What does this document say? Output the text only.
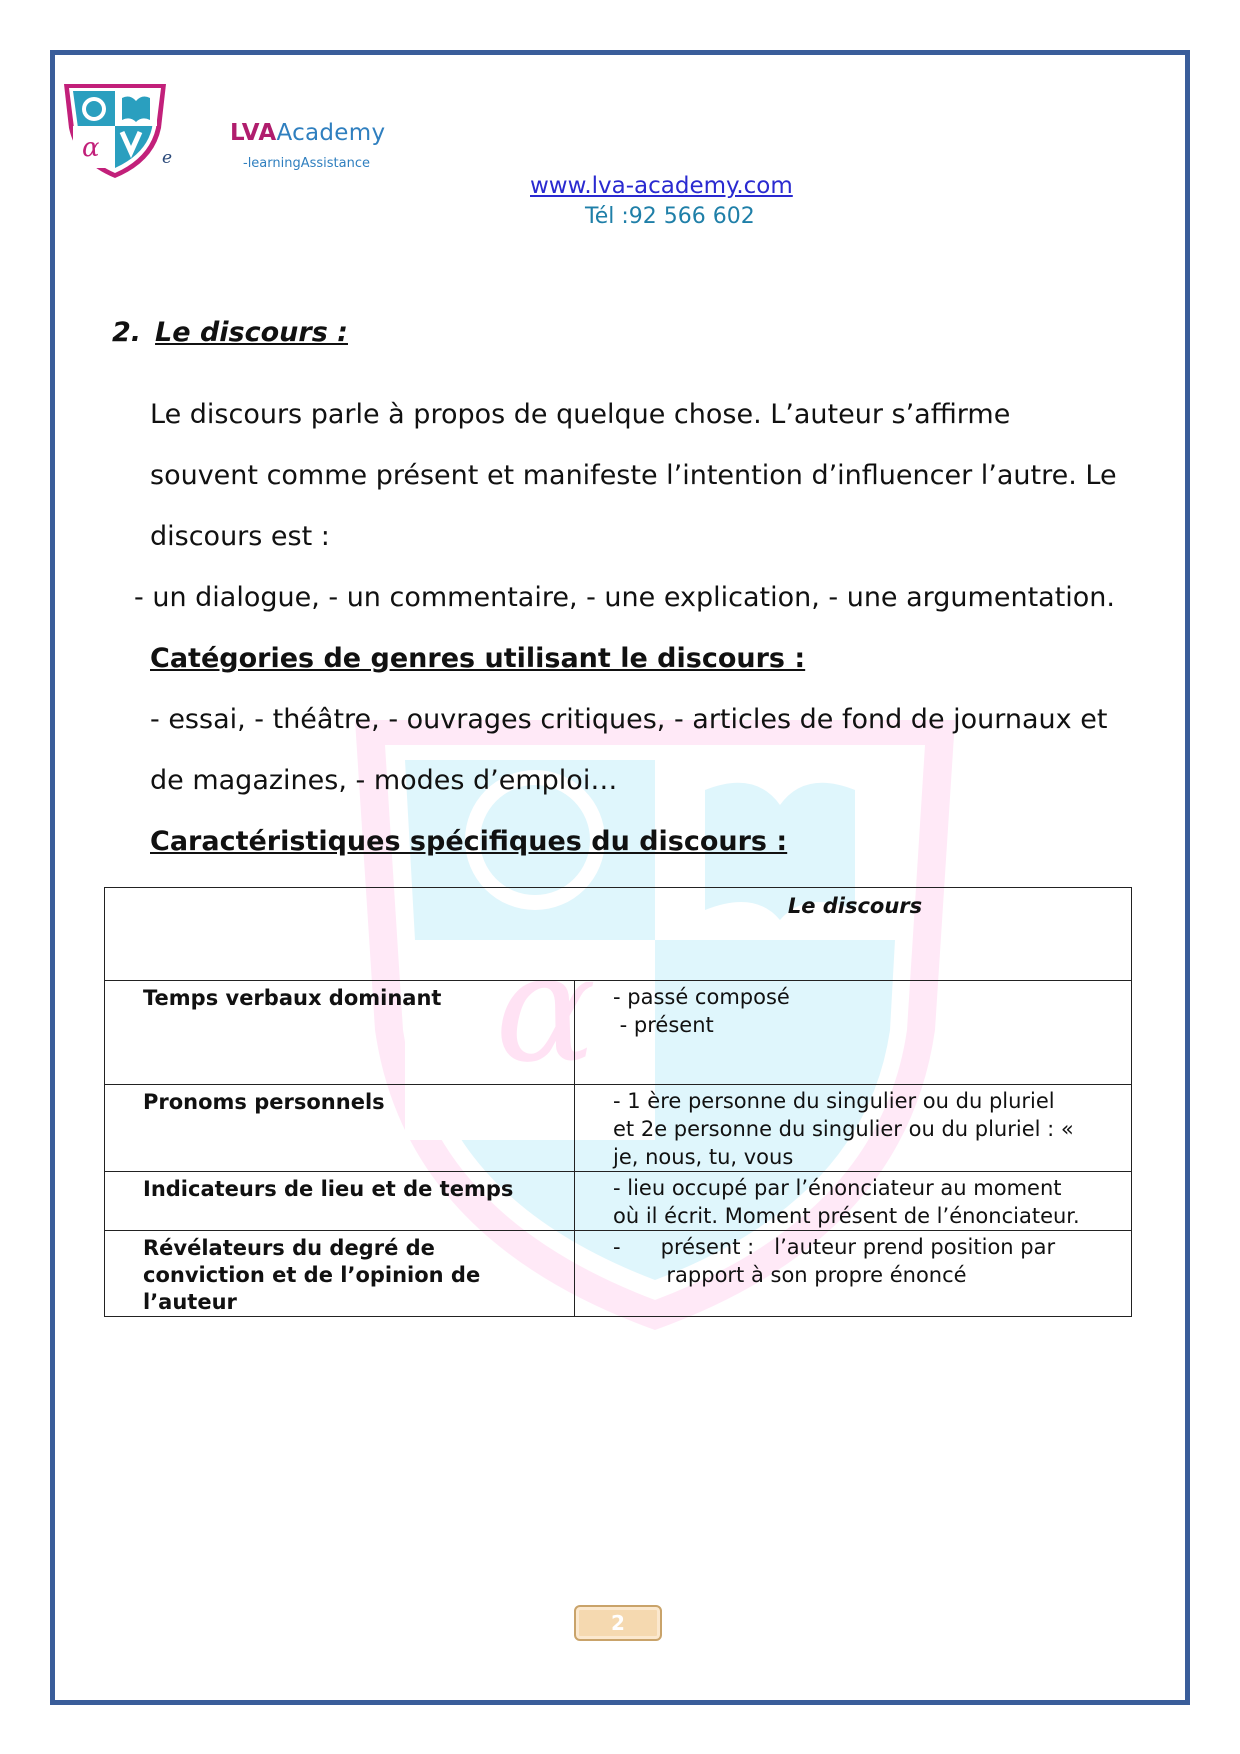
α
α	e
LVAAcademy
-learningAssistance
www.lva-academy.com
Tél :92 566 602
2. Le discours :
Le discours parle à propos de quelque chose. L’auteur s’affirme
souvent comme présent et manifeste l’intention d’influencer l’autre. Le
discours est :
- un dialogue, - un commentaire, - une explication, - une argumentation.
Catégories de genres utilisant le discours :
- essai, - théâtre, - ouvrages critiques, - articles de fond de journaux et
de magazines, - modes d’emploi…
Caractéristiques spécifiques du discours :
Le discours	
Temps verbaux dominant	- passé composé
- présent

Pronoms personnels	- 1 ère personne du singulier ou du pluriel
et 2e personne du singulier ou du pluriel : «
je, nous, tu, vous

Indicateurs de lieu et de temps	- lieu occupé par l’énonciateur au moment
où il écrit. Moment présent de l’énonciateur.

Révélateurs du degré de conviction et de l’opinion de l’auteur	-      présent :   l’auteur prend position par
rapport à son propre énoncé
2
